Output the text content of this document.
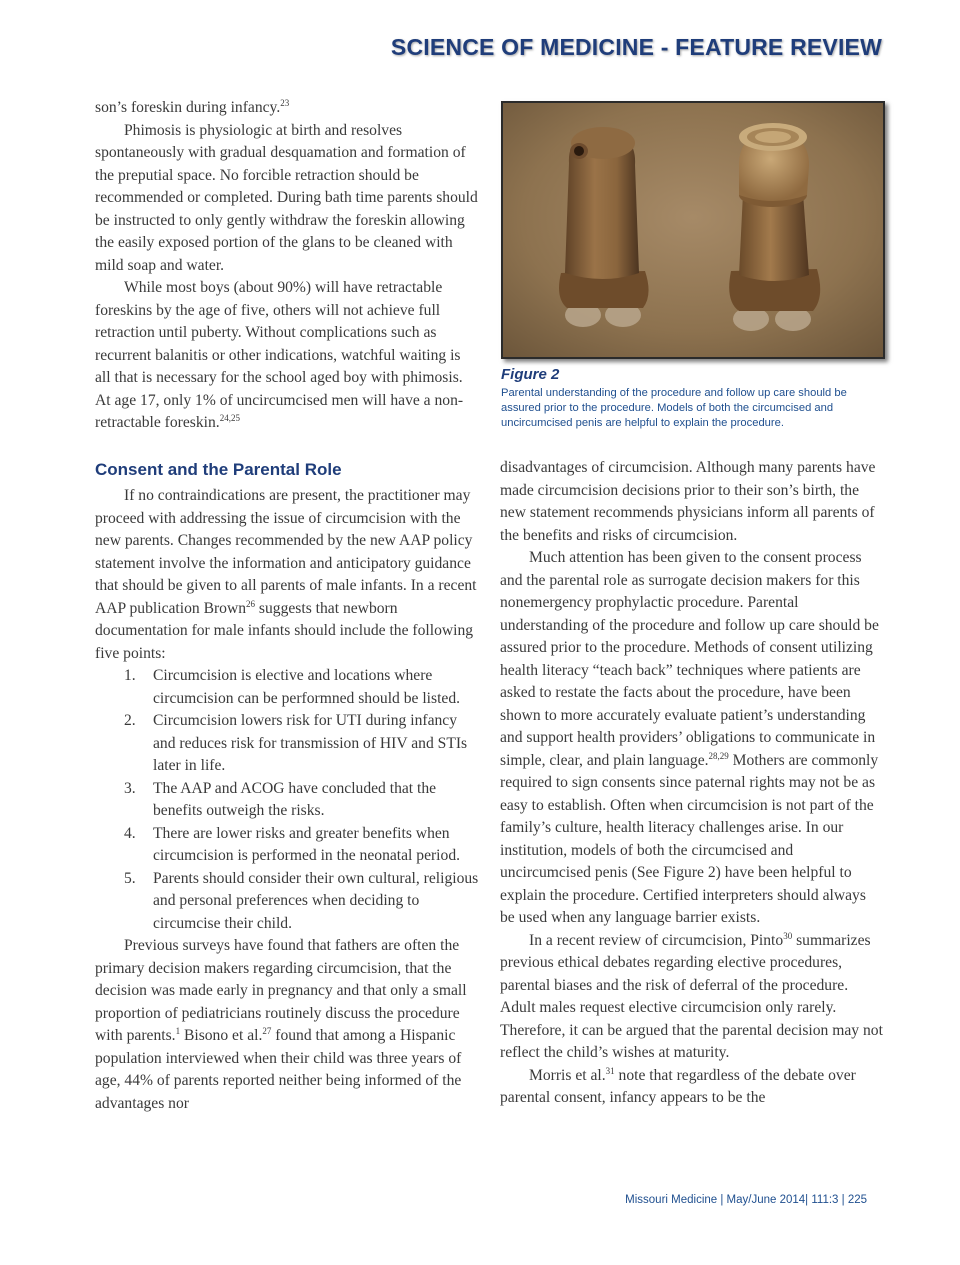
SCIENCE OF MEDICINE - FEATURE REVIEW

son’s foreskin during infancy.$^{23}$

Phimosis is physiologic at birth and resolves spontaneously with gradual desquamation and formation of the preputial space. No forcible retraction should be recommended or completed. During bath time parents should be instructed to only gently withdraw the foreskin allowing the easily exposed portion of the glans to be cleaned with mild soap and water.

While most boys (about 90%) will have retractable foreskins by the age of five, others will not achieve full retraction until puberty. Without complications such as recurrent balanitis or other indications, watchful waiting is all that is necessary for the school aged boy with phimosis. At age 17, only 1% of uncircumcised men will have a non-retractable foreskin.$^{24,25}$

Figure 2
Parental understanding of the procedure and follow up care should be assured prior to the procedure. Models of both the circumcised and uncircumcised penis are helpful to explain the procedure.
Consent and the Parental Role

If no contraindications are present, the practitioner may proceed with addressing the issue of circumcision with the new parents. Changes recommended by the new AAP policy statement involve the information and anticipatory guidance that should be given to all parents of male infants. In a recent AAP publication Brown$^{26}$ suggests that newborn documentation for male infants should include the following five points:

1. Circumcision is elective and locations where circumcision can be performned should be listed.
2. Circumcision lowers risk for UTI during infancy and reduces risk for transmission of HIV and STIs later in life.
3. The AAP and ACOG have concluded that the benefits outweigh the risks.
4. There are lower risks and greater benefits when circumcision is performed in the neonatal period.
5. Parents should consider their own cultural, religious and personal preferences when deciding to circumcise their child.

Previous surveys have found that fathers are often the primary decision makers regarding circumcision, that the decision was made early in pregnancy and that only a small proportion of pediatricians routinely discuss the procedure with parents.$^1$ Bisono et al.$^{27}$ found that among a Hispanic population interviewed when their child was three years of age, 44% of parents reported neither being informed of the advantages nor

disadvantages of circumcision. Although many parents have made circumcision decisions prior to their son’s birth, the new statement recommends physicians inform all parents of the benefits and risks of circumcision.

Much attention has been given to the consent process and the parental role as surrogate decision makers for this nonemergency prophylactic procedure. Parental understanding of the procedure and follow up care should be assured prior to the procedure. Methods of consent utilizing health literacy “teach back” techniques where patients are asked to restate the facts about the procedure, have been shown to more accurately evaluate patient’s understanding and support health providers’ obligations to communicate in simple, clear, and plain language.$^{28,29}$ Mothers are commonly required to sign consents since paternal rights may not be as easy to establish. Often when circumcision is not part of the family’s culture, health literacy challenges arise. In our institution, models of both the circumcised and uncircumcised penis (See Figure 2) have been helpful to explain the procedure. Certified interpreters should always be used when any language barrier exists.

In a recent review of circumcision, Pinto$^{30}$ summarizes previous ethical debates regarding elective procedures, parental biases and the risk of deferral of the procedure. Adult males request elective circumcision only rarely. Therefore, it can be argued that the parental decision may not reflect the child’s wishes at maturity.

Morris et al.$^{31}$ note that regardless of the debate over parental consent, infancy appears to be the

Missouri Medicine | May/June 2014| 111:3 | 225
